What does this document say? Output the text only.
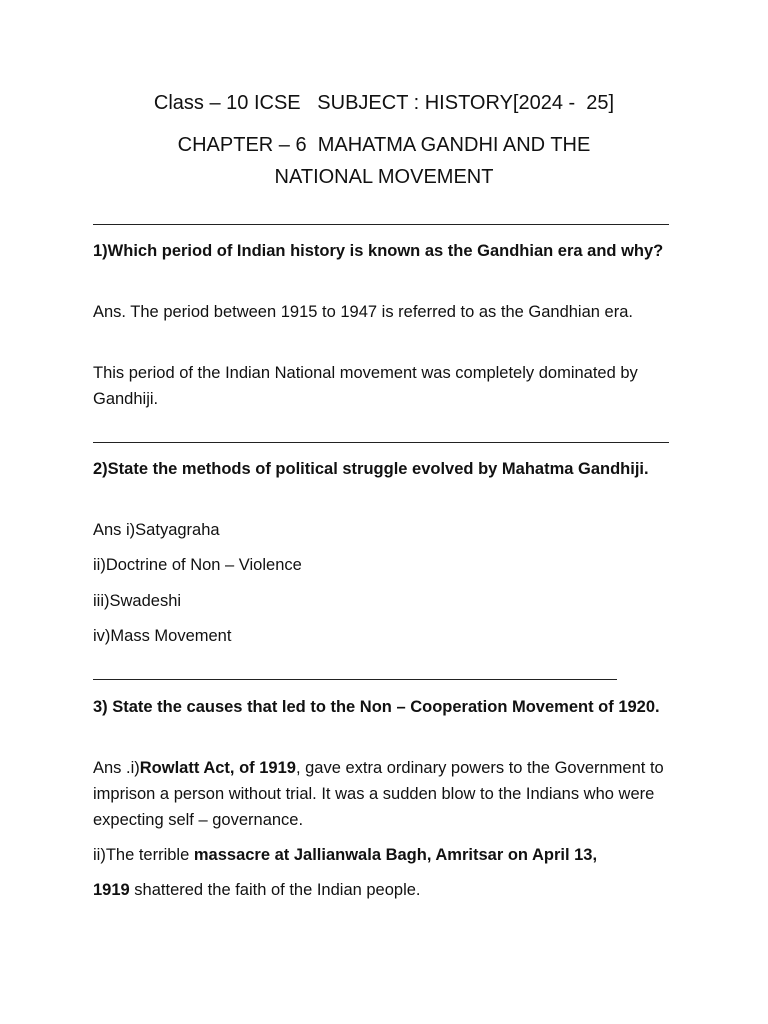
Class – 10 ICSE   SUBJECT : HISTORY[2024 -  25]
CHAPTER – 6  MAHATMA GANDHI AND THE
NATIONAL MOVEMENT
1)Which period of Indian history is known as the Gandhian era and why?
Ans. The period between 1915 to 1947 is referred to as the Gandhian era.
This period of the Indian National movement was completely dominated by Gandhiji.
2)State the methods of political struggle evolved by Mahatma Gandhiji.
Ans i)Satyagraha
ii)Doctrine of Non – Violence
iii)Swadeshi
iv)Mass Movement
3) State the causes that led to the Non – Cooperation Movement of 1920.
Ans .i)Rowlatt Act, of 1919, gave extra ordinary powers to the Government to imprison a person without trial. It was a sudden blow to the Indians who were expecting self – governance.
ii)The terrible massacre at Jallianwala Bagh, Amritsar on April 13,
1919 shattered the faith of the Indian people.
